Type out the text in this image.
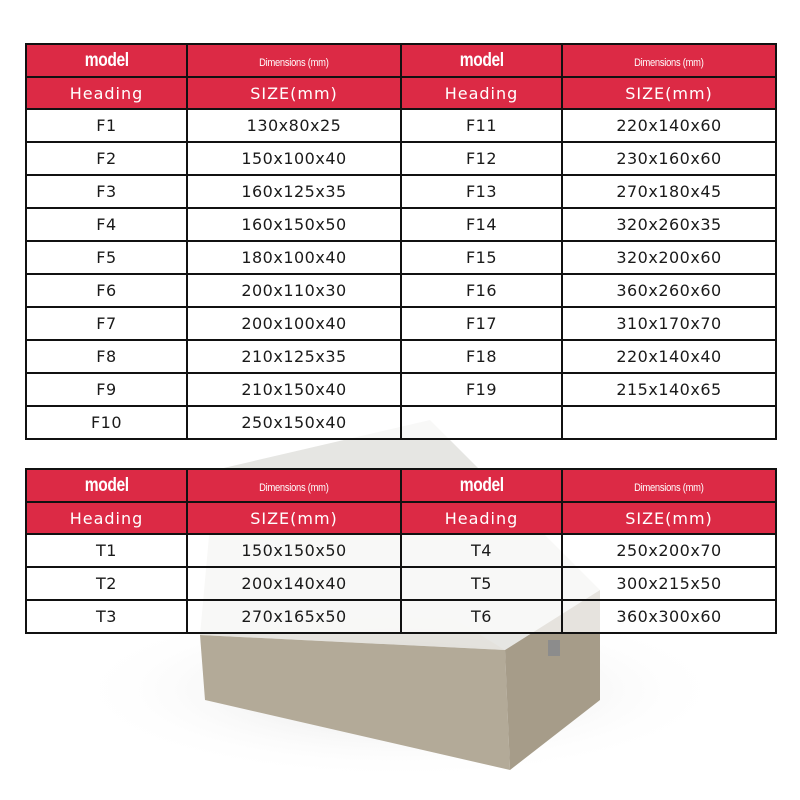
model	Dimensions (mm)	model	Dimensions (mm)
Heading	SIZE(mm)	Heading	SIZE(mm)
F1	130x80x25	F11	220x140x60
F2	150x100x40	F12	230x160x60
F3	160x125x35	F13	270x180x45
F4	160x150x50	F14	320x260x35
F5	180x100x40	F15	320x200x60
F6	200x110x30	F16	360x260x60
F7	200x100x40	F17	310x170x70
F8	210x125x35	F18	220x140x40
F9	210x150x40	F19	215x140x65
F10	250x150x40		
model	Dimensions (mm)	model	Dimensions (mm)
Heading	SIZE(mm)	Heading	SIZE(mm)
T1	150x150x50	T4	250x200x70
T2	200x140x40	T5	300x215x50
T3	270x165x50	T6	360x300x60
